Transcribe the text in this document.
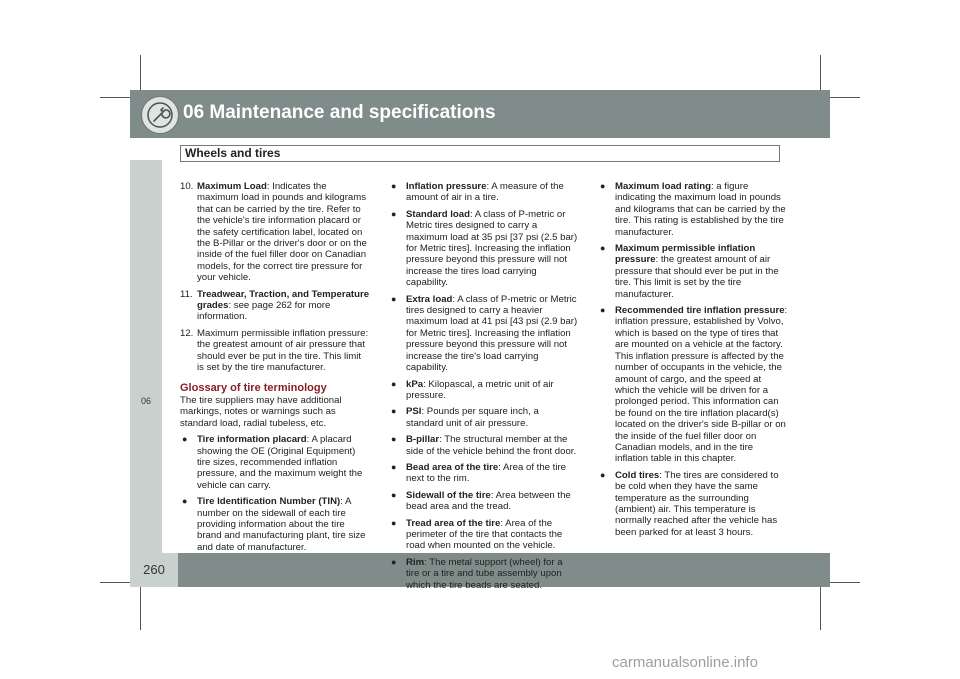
06 Maintenance and specifications
Wheels and tires
06
260
10. Maximum Load: Indicates the maximum load in pounds and kilograms that can be carried by the tire. Refer to the vehicle's tire information placard or the safety certification label, located on the B-Pillar or the driver's door or on the inside of the fuel filler door on Canadian models, for the correct tire pressure for your vehicle.
11. Treadwear, Traction, and Temperature grades: see page 262 for more information.
12. Maximum permissible inflation pressure: the greatest amount of air pressure that should ever be put in the tire. This limit is set by the tire manufacturer.
Glossary of tire terminology
The tire suppliers may have additional markings, notes or warnings such as standard load, radial tubeless, etc.
● Tire information placard: A placard showing the OE (Original Equipment) tire sizes, recommended inflation pressure, and the maximum weight the vehicle can carry.
● Tire Identification Number (TIN): A number on the sidewall of each tire providing information about the tire brand and manufacturing plant, tire size and date of manufacturer.
● Inflation pressure: A measure of the amount of air in a tire.
● Standard load: A class of P-metric or Metric tires designed to carry a maximum load at 35 psi [37 psi (2.5 bar) for Metric tires]. Increasing the inflation pressure beyond this pressure will not increase the tires load carrying capability.
● Extra load: A class of P-metric or Metric tires designed to carry a heavier maximum load at 41 psi [43 psi (2.9 bar) for Metric tires]. Increasing the inflation pressure beyond this pressure will not increase the tire's load carrying capability.
● kPa: Kilopascal, a metric unit of air pressure.
● PSI: Pounds per square inch, a standard unit of air pressure.
● B-pillar: The structural member at the side of the vehicle behind the front door.
● Bead area of the tire: Area of the tire next to the rim.
● Sidewall of the tire: Area between the bead area and the tread.
● Tread area of the tire: Area of the perimeter of the tire that contacts the road when mounted on the vehicle.
● Rim: The metal support (wheel) for a tire or a tire and tube assembly upon which the tire beads are seated.
● Maximum load rating: a figure indicating the maximum load in pounds and kilograms that can be carried by the tire. This rating is established by the tire manufacturer.
● Maximum permissible inflation pressure: the greatest amount of air pressure that should ever be put in the tire. This limit is set by the tire manufacturer.
● Recommended tire inflation pressure: inflation pressure, established by Volvo, which is based on the type of tires that are mounted on a vehicle at the factory. This inflation pressure is affected by the number of occupants in the vehicle, the amount of cargo, and the speed at which the vehicle will be driven for a prolonged period. This information can be found on the tire inflation placard(s) located on the driver's side B-pillar or on the inside of the fuel filler door on Canadian models, and in the tire inflation table in this chapter.
● Cold tires: The tires are considered to be cold when they have the same temperature as the surrounding (ambient) air. This temperature is normally reached after the vehicle has been parked for at least 3 hours.
carmanualsonline.info
